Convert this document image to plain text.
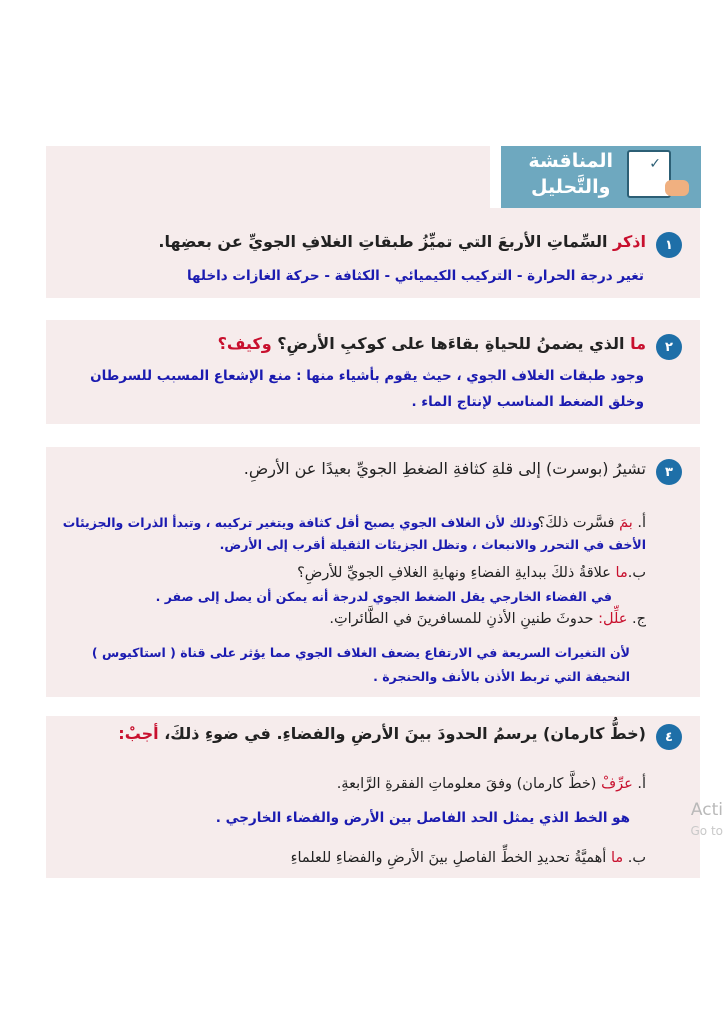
المناقشة
والتَّحليل
✓
١
اذكر السِّماتِ الأربعَ التي تميِّزُ طبقاتِ الغلافِ الجويِّ عن بعضِها.
تغير درجة الحرارة - التركيب الكيميائي - الكثافة - حركة الغازات داخلها
٢
ما الذي يضمنُ للحياةِ بقاءَها على كوكبِ الأرضِ؟ وكيف؟
وجود طبقات الغلاف الجوي ، حيث يقوم بأشياء منها : منع الإشعاع المسبب للسرطان
وخلق الضغط المناسب لإنتاج الماء .
٣
تشيرُ (بوسرت) إلى قلةِ كثافةِ الضغطِ الجويِّ بعيدًا عن الأرضِ.
أ. بمَ فسَّرت ذلكَ؟
وذلك لأن الغلاف الجوي يصبح أقل كثافة ويتغير تركيبه ، وتبدأ الذرات والجزيئات
الأخف في التحرر والانبعاث ، وتظل الجزيئات الثقيلة أقرب إلى الأرض.
ب.ما علاقةُ ذلكَ ببدايةِ الفضاءِ ونهايةِ الغلافِ الجويِّ للأرضِ؟
في الفضاء الخارجي يقل الضغط الجوي لدرجة أنه يمكن أن يصل إلى صفر .
ج. علِّل: حدوثَ طنينِ الأذنِ للمسافرينَ في الطَّائراتِ.
لأن التغيرات السريعة في الارتفاع يضعف الغلاف الجوي مما يؤثر على قناة ( استاكيوس )
النحيفة التي تربط الأذن بالأنف والحنجرة .
٤
(خطُّ كارمان) يرسمُ الحدودَ بينَ الأرضِ والفضاءِ. في ضوءِ ذلكَ، أجبْ:
أ. عرِّفْ (خطَّ كارمان) وفقَ معلوماتِ الفقرةِ الرَّابعةِ.
هو الخط الذي يمثل الحد الفاصل بين الأرض والفضاء الخارجي .
ب. ما أهميَّةُ تحديدِ الخطِّ الفاصلِ بينَ الأرضِ والفضاءِ للعلماءِ
Acti
Go to
